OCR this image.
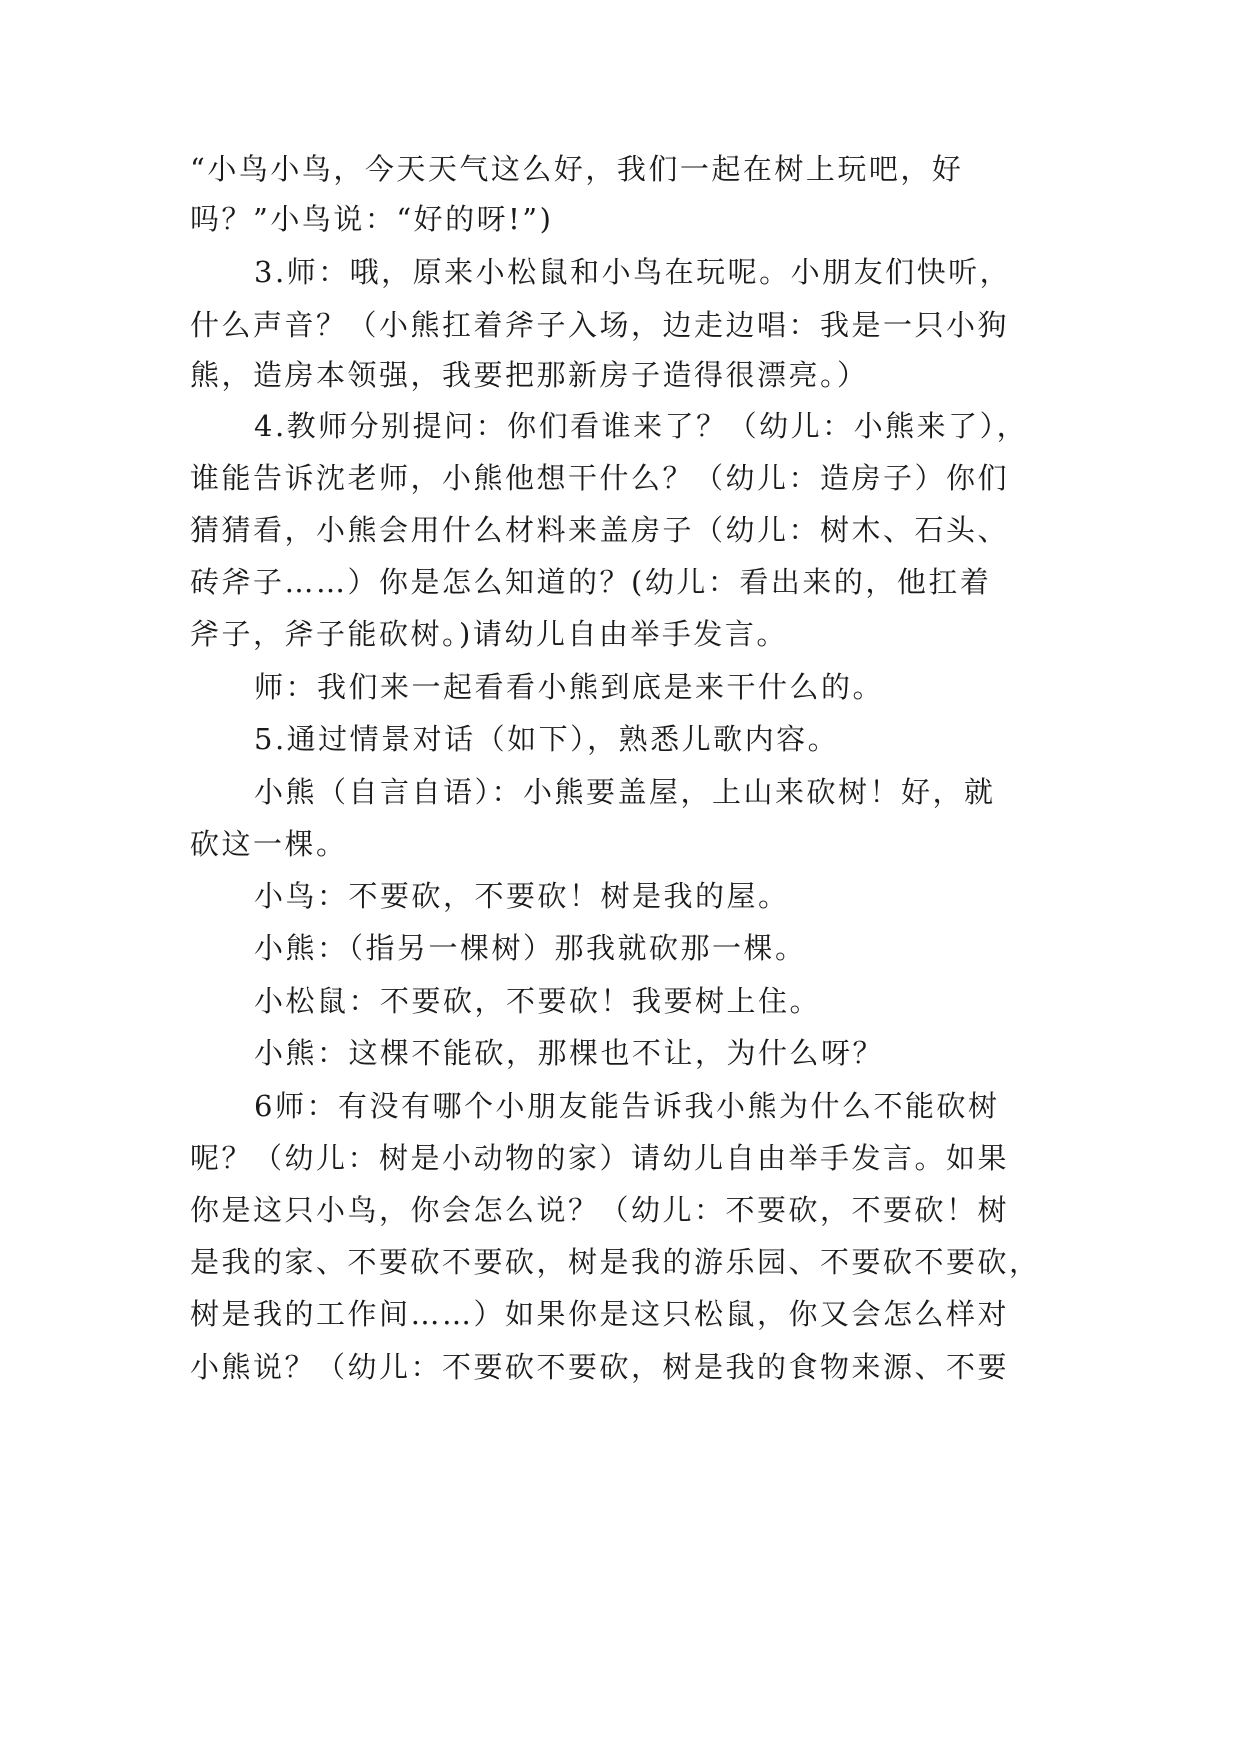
“小鸟小鸟，今天天气这么好，我们一起在树上玩吧，好
吗？”小鸟说：“好的呀!”)
3.师：哦，原来小松鼠和小鸟在玩呢。小朋友们快听，
什么声音？（小熊扛着斧子入场，边走边唱：我是一只小狗
熊，造房本领强，我要把那新房子造得很漂亮。）
4.教师分别提问：你们看谁来了？（幼儿：小熊来了），
谁能告诉沈老师，小熊他想干什么？（幼儿：造房子）你们
猜猜看，小熊会用什么材料来盖房子（幼儿：树木、石头、
砖斧子……）你是怎么知道的？(幼儿：看出来的，他扛着
斧子，斧子能砍树。)请幼儿自由举手发言。
师：我们来一起看看小熊到底是来干什么的。
5.通过情景对话（如下），熟悉儿歌内容。
小熊（自言自语）：小熊要盖屋，上山来砍树！好，就
砍这一棵。
小鸟：不要砍，不要砍！树是我的屋。
小熊：（指另一棵树）那我就砍那一棵。
小松鼠：不要砍，不要砍！我要树上住。
小熊：这棵不能砍，那棵也不让，为什么呀？
6师：有没有哪个小朋友能告诉我小熊为什么不能砍树
呢？（幼儿：树是小动物的家）请幼儿自由举手发言。如果
你是这只小鸟，你会怎么说？（幼儿：不要砍，不要砍！树
是我的家、不要砍不要砍，树是我的游乐园、不要砍不要砍，
树是我的工作间……）如果你是这只松鼠，你又会怎么样对
小熊说？（幼儿：不要砍不要砍，树是我的食物来源、不要
